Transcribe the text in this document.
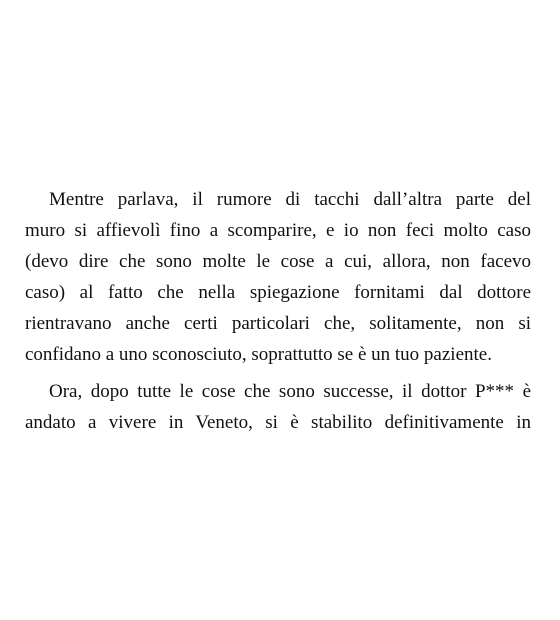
Mentre parlava, il rumore di tacchi dall’altra parte del
muro si affievolì fino a scomparire, e io non feci molto caso
(devo dire che sono molte le cose a cui, allora, non facevo
caso) al fatto che nella spiegazione fornitami dal dottore
rientravano anche certi particolari che, solitamente, non si
confidano a uno sconosciuto, soprattutto se è un tuo paziente.
Ora, dopo tutte le cose che sono successe, il dottor P*** è
andato a vivere in Veneto, si è stabilito definitivamente in
